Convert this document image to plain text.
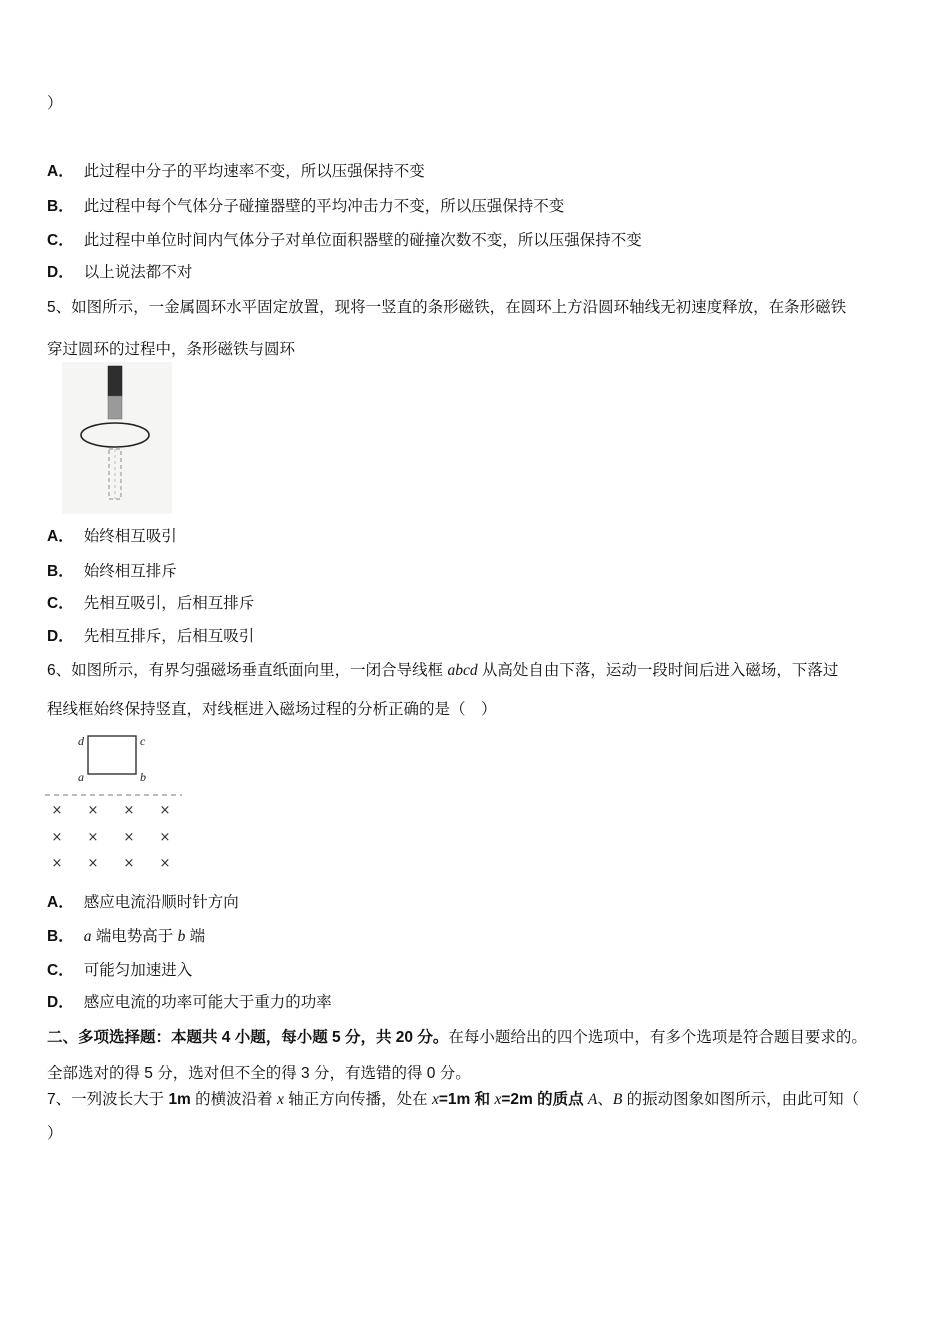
）
A． 此过程中分子的平均速率不变，所以压强保持不变
B． 此过程中每个气体分子碰撞器壁的平均冲击力不变，所以压强保持不变
C． 此过程中单位时间内气体分子对单位面积器壁的碰撞次数不变，所以压强保持不变
D． 以上说法都不对
5、如图所示，一金属圆环水平固定放置，现将一竖直的条形磁铁，在圆环上方沿圆环轴线无初速度释放，在条形磁铁
穿过圆环的过程中，条形磁铁与圆环
A． 始终相互吸引
B． 始终相互排斥
C． 先相互吸引，后相互排斥
D． 先相互排斥，后相互吸引
6、如图所示，有界匀强磁场垂直纸面向里，一闭合导线框 abcd 从高处自由下落，运动一段时间后进入磁场，下落过
程线框始终保持竖直，对线框进入磁场过程的分析正确的是（　）
d	c
a	b
× × × ×
× × × ×
× × × ×
A． 感应电流沿顺时针方向
B． a 端电势高于 b 端
C． 可能匀加速进入
D． 感应电流的功率可能大于重力的功率
二、多项选择题：本题共 4 小题，每小题 5 分，共 20 分。在每小题给出的四个选项中，有多个选项是符合题目要求的。
全部选对的得 5 分，选对但不全的得 3 分，有选错的得 0 分。
7、一列波长大于 1m 的横波沿着 x 轴正方向传播，处在 x=1m 和 x=2m 的质点 A、B 的振动图象如图所示，由此可知（
）
